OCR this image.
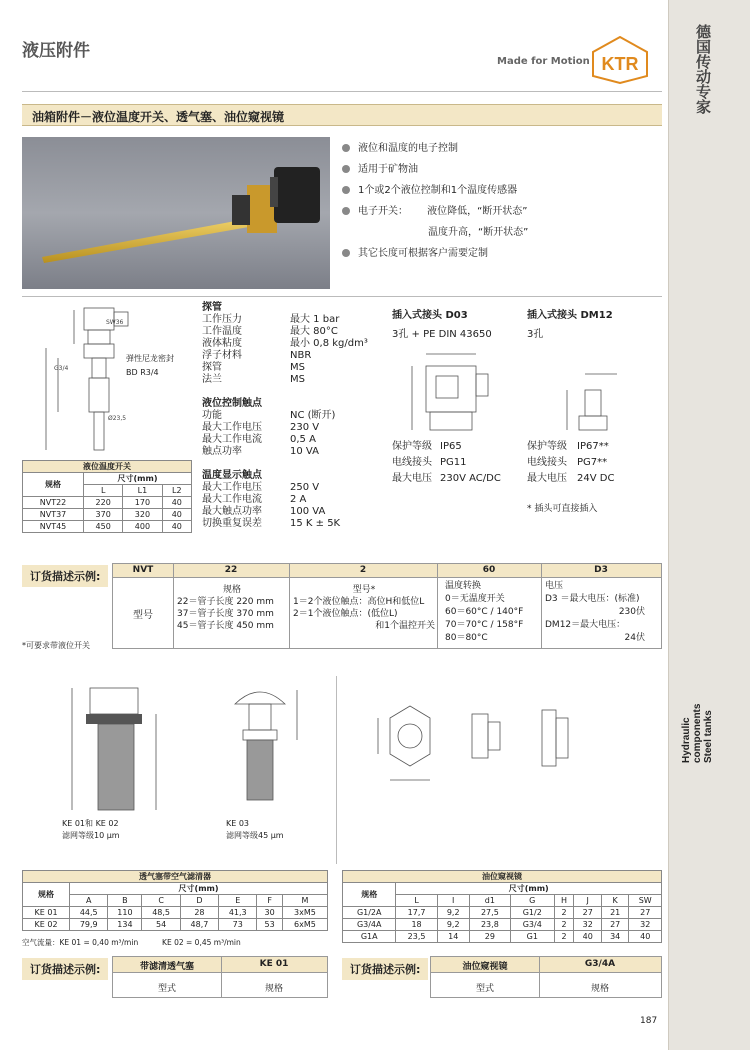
德国传动专家
Hydraulic components Steel tanks
液压附件
Made for Motion KTR
油箱附件－液位温度开关、透气塞、油位窥视镜
液位和温度的电子控制
适用于矿物油
1个或2个液位控制和1个温度传感器
电子开关：      液位降低，“断开状态”
温度升高，“断开状态”
其它长度可根据客户需要定制
SW36
G3/4
Ø23,5
弹性尼龙密封
BD R3/4
液位温度开关			
规格	尺寸(mm)		
	L	L1	L2
NVT22	220	170	40
NVT37	370	320	40
NVT45	450	400	40
探管
工作压力	最大 1 bar
工作温度	最大 80°C
液体粘度	最小 0,8 kg/dm³
浮子材料	NBR
探管	MS
法兰	MS
液位控制触点
功能	NC (断开)
最大工作电压	230 V
最大工作电流	0,5 A
触点功率	10 VA
温度显示触点
最大工作电压	250 V
最大工作电流	2 A
最大触点功率	100 VA
切换重复误差	15 K ± 5K
插入式接头 D03
3孔 + PE DIN 43650
保护等级 IP65
电线接头 PG11
最大电压 230V AC/DC
插入式接头 DM12
3孔
保护等级	IP67**
电线接头	PG7**
最大电压	24V DC
* 插头可直接插入
订货描述示例:	NVT	22	2	60	D3
型号
规格
22＝管子长度 220 mm
37＝管子长度 370 mm
45＝管子长度 450 mm
型号*
1＝2个液位触点：高位H和低位L
2＝1个液位触点：(低位L)
和1个温控开关
温度转换
0＝无温度开关
60＝60°C / 140°F
70＝70°C / 158°F
80＝80°C
电压
D3 ＝最大电压：(标准)
230伏
DM12＝最大电压：
24伏
*可要求带液位开关
KE 01和 KE 02
滤网等级10 μm
KE 03
滤网等级45 μm
透气塞带空气滤清器							
规格	尺寸(mm)						
	A	B	C	D	E	F	M
KE 01	44,5	110	48,5	28	41,3	30	3xM5
KE 02	79,9	134	54	48,7	73	53	6xM5
空气流量：KE 01 = 0,40 m³/min          KE 02 = 0,45 m³/min
油位窥视镜								
规格	尺寸(mm)							
	L	I	d1	G	H	J	K	SW
G1/2A	17,7	9,2	27,5	G1/2	2	27	21	27
G3/4A	18	9,2	23,8	G3/4	2	32	27	32
G1A	23,5	14	29	G1	2	40	34	40
订货描述示例:	带滤清透气塞	KE 01
型式	规格
订货描述示例:	油位窥视镜	G3/4A
型式	规格
187
